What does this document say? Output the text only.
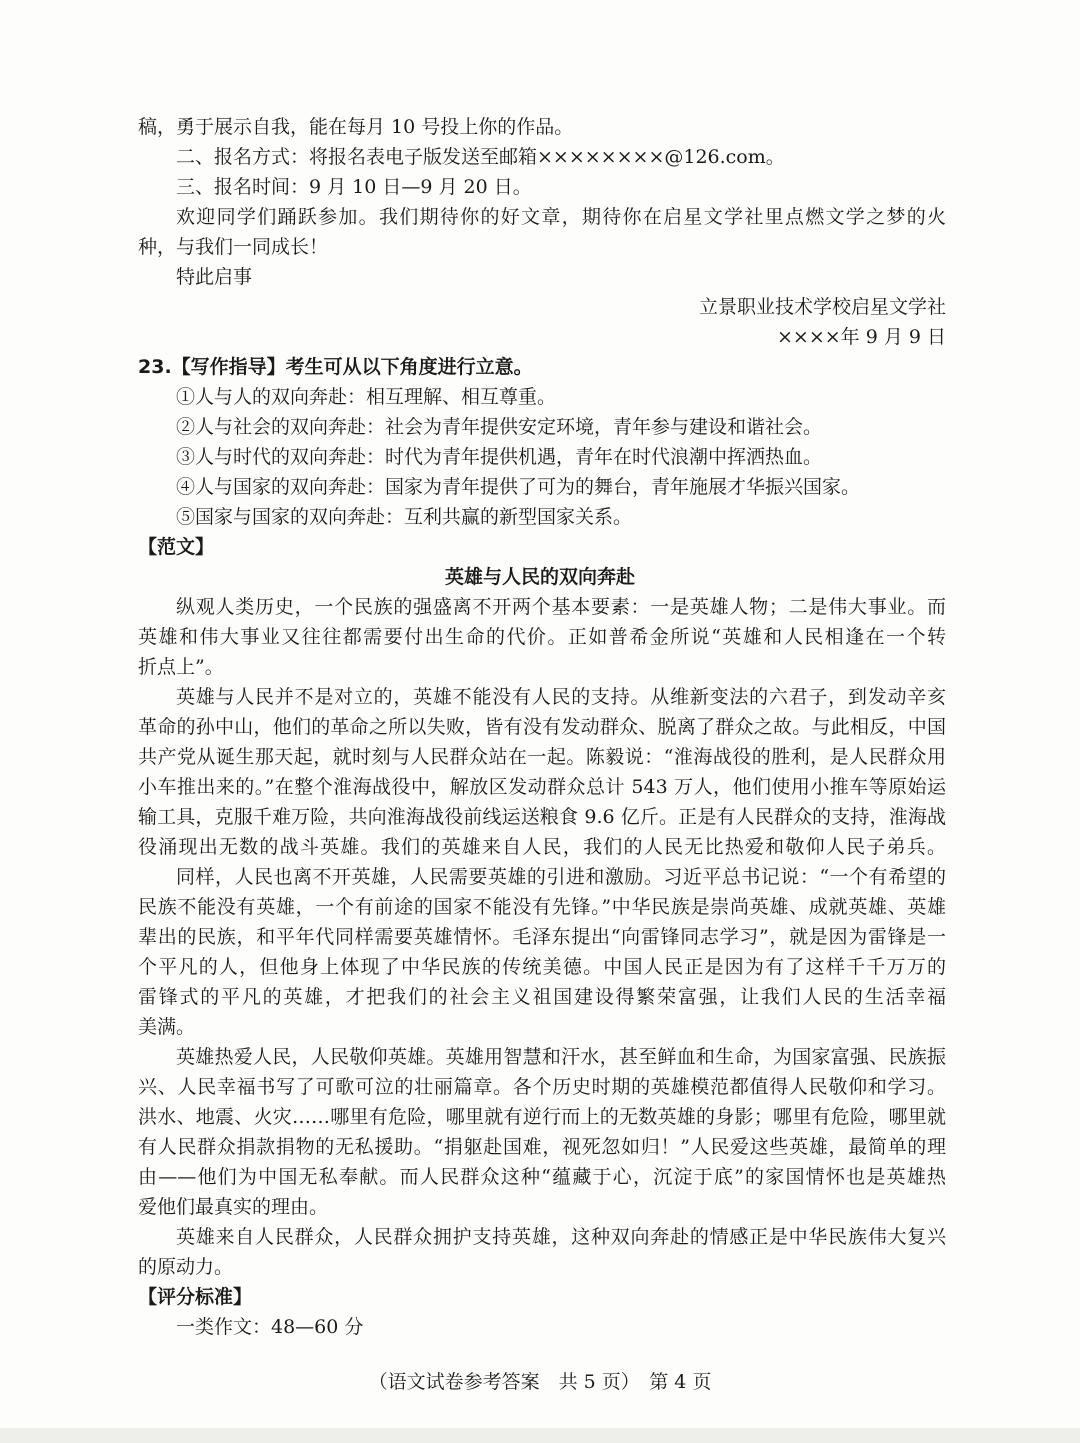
稿，勇于展示自我，能在每月 10 号投上你的作品。
二、报名方式：将报名表电子版发送至邮箱××××××××@126.com。
三、报名时间：9 月 10 日—9 月 20 日。
欢迎同学们踊跃参加。我们期待你的好文章，期待你在启星文学社里点燃文学之梦的火
种，与我们一同成长！
特此启事
立景职业技术学校启星文学社
××××年 9 月 9 日
23.【写作指导】考生可从以下角度进行立意。
①人与人的双向奔赴：相互理解、相互尊重。
②人与社会的双向奔赴：社会为青年提供安定环境，青年参与建设和谐社会。
③人与时代的双向奔赴：时代为青年提供机遇，青年在时代浪潮中挥洒热血。
④人与国家的双向奔赴：国家为青年提供了可为的舞台，青年施展才华振兴国家。
⑤国家与国家的双向奔赴：互利共赢的新型国家关系。
【范文】
英雄与人民的双向奔赴
纵观人类历史，一个民族的强盛离不开两个基本要素：一是英雄人物；二是伟大事业。而
英雄和伟大事业又往往都需要付出生命的代价。正如普希金所说“英雄和人民相逢在一个转
折点上”。
英雄与人民并不是对立的，英雄不能没有人民的支持。从维新变法的六君子，到发动辛亥
革命的孙中山，他们的革命之所以失败，皆有没有发动群众、脱离了群众之故。与此相反，中国
共产党从诞生那天起，就时刻与人民群众站在一起。陈毅说：“淮海战役的胜利，是人民群众用
小车推出来的。”在整个淮海战役中，解放区发动群众总计 543 万人，他们使用小推车等原始运
输工具，克服千难万险，共向淮海战役前线运送粮食 9.6 亿斤。正是有人民群众的支持，淮海战
役涌现出无数的战斗英雄。我们的英雄来自人民，我们的人民无比热爱和敬仰人民子弟兵。
同样，人民也离不开英雄，人民需要英雄的引进和激励。习近平总书记说：“一个有希望的
民族不能没有英雄，一个有前途的国家不能没有先锋。”中华民族是崇尚英雄、成就英雄、英雄
辈出的民族，和平年代同样需要英雄情怀。毛泽东提出“向雷锋同志学习”，就是因为雷锋是一
个平凡的人，但他身上体现了中华民族的传统美德。中国人民正是因为有了这样千千万万的
雷锋式的平凡的英雄，才把我们的社会主义祖国建设得繁荣富强，让我们人民的生活幸福
美满。
英雄热爱人民，人民敬仰英雄。英雄用智慧和汗水，甚至鲜血和生命，为国家富强、民族振
兴、人民幸福书写了可歌可泣的壮丽篇章。各个历史时期的英雄模范都值得人民敬仰和学习。
洪水、地震、火灾……哪里有危险，哪里就有逆行而上的无数英雄的身影；哪里有危险，哪里就
有人民群众捐款捐物的无私援助。“捐躯赴国难，视死忽如归！”人民爱这些英雄，最简单的理
由——他们为中国无私奉献。而人民群众这种“蕴藏于心，沉淀于底”的家国情怀也是英雄热
爱他们最真实的理由。
英雄来自人民群众，人民群众拥护支持英雄，这种双向奔赴的情感正是中华民族伟大复兴
的原动力。
【评分标准】
一类作文：48—60 分
（语文试卷参考答案　共 5 页）　第 4 页
